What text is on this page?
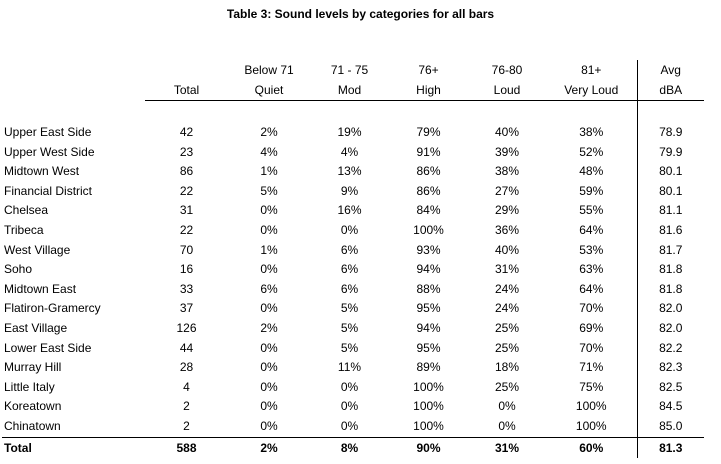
Table 3: Sound levels by categories for all bars
		Below 71	71 - 75	76+	76-80	81+	Avg
	Total	Quiet	Mod	High	Loud	Very Loud	dBA

Upper East Side	42	2%	19%	79%	40%	38%	78.9
Upper West Side	23	4%	4%	91%	39%	52%	79.9
Midtown West	86	1%	13%	86%	38%	48%	80.1
Financial District	22	5%	9%	86%	27%	59%	80.1
Chelsea	31	0%	16%	84%	29%	55%	81.1
Tribeca	22	0%	0%	100%	36%	64%	81.6
West Village	70	1%	6%	93%	40%	53%	81.7
Soho	16	0%	6%	94%	31%	63%	81.8
Midtown East	33	6%	6%	88%	24%	64%	81.8
Flatiron-Gramercy	37	0%	5%	95%	24%	70%	82.0
East Village	126	2%	5%	94%	25%	69%	82.0
Lower East Side	44	0%	5%	95%	25%	70%	82.2
Murray Hill	28	0%	11%	89%	18%	71%	82.3
Little Italy	4	0%	0%	100%	25%	75%	82.5
Koreatown	2	0%	0%	100%	0%	100%	84.5
Chinatown	2	0%	0%	100%	0%	100%	85.0
Total	588	2%	8%	90%	31%	60%	81.3
